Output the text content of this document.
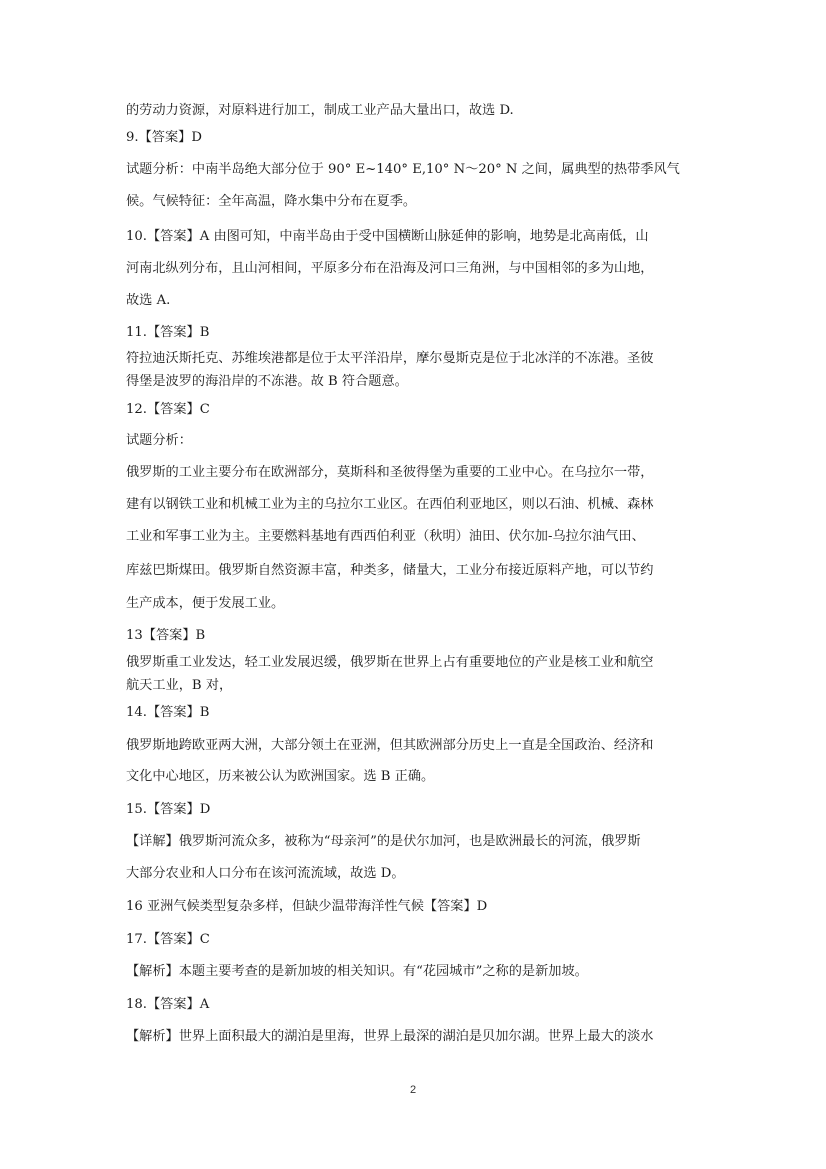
的劳动力资源，对原料进行加工，制成工业产品大量出口，故选 D.
9.【答案】D
试题分析：中南半岛绝大部分位于 90° E~140° E,10° N～20° N 之间，属典型的热带季风气
候。气候特征：全年高温，降水集中分布在夏季。
10.【答案】A 由图可知，中南半岛由于受中国横断山脉延伸的影响，地势是北高南低，山
河南北纵列分布，且山河相间，平原多分布在沿海及河口三角洲，与中国相邻的多为山地，
故选 A.
11.【答案】B
符拉迪沃斯托克、苏维埃港都是位于太平洋沿岸，摩尔曼斯克是位于北冰洋的不冻港。圣彼
得堡是波罗的海沿岸的不冻港。故 B 符合题意。
12.【答案】C
试题分析：
俄罗斯的工业主要分布在欧洲部分，莫斯科和圣彼得堡为重要的工业中心。在乌拉尔一带，
建有以钢铁工业和机械工业为主的乌拉尔工业区。在西伯利亚地区，则以石油、机械、森林
工业和军事工业为主。主要燃料基地有西西伯利亚（秋明）油田、伏尔加-乌拉尔油气田、
库兹巴斯煤田。俄罗斯自然资源丰富，种类多，储量大，工业分布接近原料产地，可以节约
生产成本，便于发展工业。
13【答案】B
俄罗斯重工业发达，轻工业发展迟缓，俄罗斯在世界上占有重要地位的产业是核工业和航空
航天工业，B 对，
14.【答案】B
俄罗斯地跨欧亚两大洲，大部分领土在亚洲，但其欧洲部分历史上一直是全国政治、经济和
文化中心地区，历来被公认为欧洲国家。选 B 正确。
15.【答案】D
【详解】俄罗斯河流众多，被称为“母亲河”的是伏尔加河，也是欧洲最长的河流，俄罗斯
大部分农业和人口分布在该河流流域，故选 D。
16 亚洲气候类型复杂多样，但缺少温带海洋性气候【答案】D
17.【答案】C
【解析】本题主要考查的是新加坡的相关知识。有“花园城市”之称的是新加坡。
18.【答案】A
【解析】世界上面积最大的湖泊是里海，世界上最深的湖泊是贝加尔湖。世界上最大的淡水
2
